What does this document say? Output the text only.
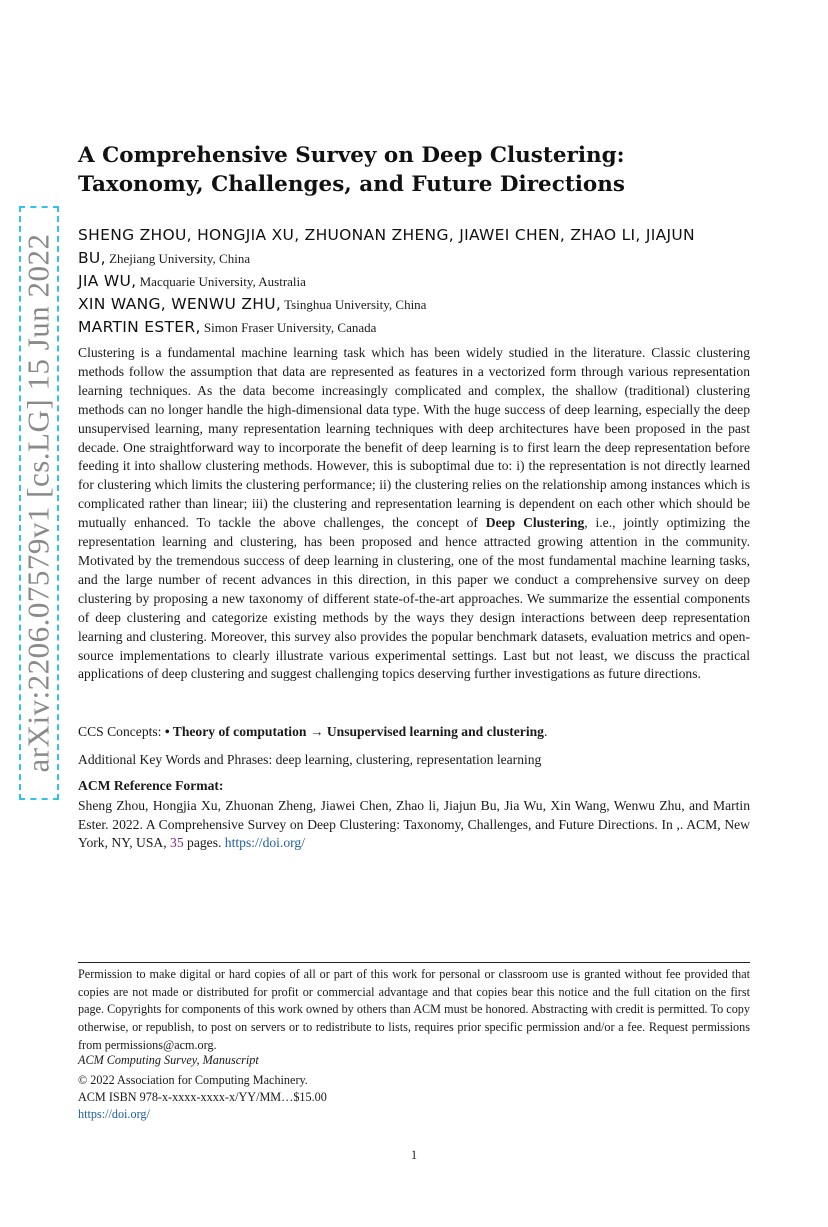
arXiv:2206.07579v1 [cs.LG] 15 Jun 2022
A Comprehensive Survey on Deep Clustering:
Taxonomy, Challenges, and Future Directions
SHENG ZHOU, HONGJIA XU, ZHUONAN ZHENG, JIAWEI CHEN, ZHAO LI, JIAJUN
BU, Zhejiang University, China
JIA WU, Macquarie University, Australia
XIN WANG, WENWU ZHU, Tsinghua University, China
MARTIN ESTER, Simon Fraser University, Canada

Clustering is a fundamental machine learning task which has been widely studied in the literature. Classic clustering methods follow the assumption that data are represented as features in a vectorized form through various representation learning techniques. As the data become increasingly complicated and complex, the shallow (traditional) clustering methods can no longer handle the high-dimensional data type. With the huge success of deep learning, especially the deep unsupervised learning, many representation learning techniques with deep architectures have been proposed in the past decade. One straightforward way to incorporate the benefit of deep learning is to first learn the deep representation before feeding it into shallow clustering methods. However, this is suboptimal due to: i) the representation is not directly learned for clustering which limits the clustering performance; ii) the clustering relies on the relationship among instances which is complicated rather than linear; iii) the clustering and representation learning is dependent on each other which should be mutually enhanced. To tackle the above challenges, the concept of Deep Clustering, i.e., jointly optimizing the representation learning and clustering, has been proposed and hence attracted growing attention in the community. Motivated by the tremendous success of deep learning in clustering, one of the most fundamental machine learning tasks, and the large number of recent advances in this direction, in this paper we conduct a comprehensive survey on deep clustering by proposing a new taxonomy of different state-of-the-art approaches. We summarize the essential components of deep clustering and categorize existing methods by the ways they design interactions between deep representation learning and clustering. Moreover, this survey also provides the popular benchmark datasets, evaluation metrics and open-source implementations to clearly illustrate various experimental settings. Last but not least, we discuss the practical applications of deep clustering and suggest challenging topics deserving further investigations as future directions.

CCS Concepts: • Theory of computation → Unsupervised learning and clustering.
Additional Key Words and Phrases: deep learning, clustering, representation learning
ACM Reference Format:

Sheng Zhou, Hongjia Xu, Zhuonan Zheng, Jiawei Chen, Zhao li, Jiajun Bu, Jia Wu, Xin Wang, Wenwu Zhu, and Martin Ester. 2022. A Comprehensive Survey on Deep Clustering: Taxonomy, Challenges, and Future Directions. In ,. ACM, New York, NY, USA, 35 pages. https://doi.org/

Permission to make digital or hard copies of all or part of this work for personal or classroom use is granted without fee provided that copies are not made or distributed for profit or commercial advantage and that copies bear this notice and the full citation on the first page. Copyrights for components of this work owned by others than ACM must be honored. Abstracting with credit is permitted. To copy otherwise, or republish, to post on servers or to redistribute to lists, requires prior specific permission and/or a fee. Request permissions from permissions@acm.org.

ACM Computing Survey, Manuscript
© 2022 Association for Computing Machinery.
ACM ISBN 978-x-xxxx-xxxx-x/YY/MM…$15.00
https://doi.org/
1
